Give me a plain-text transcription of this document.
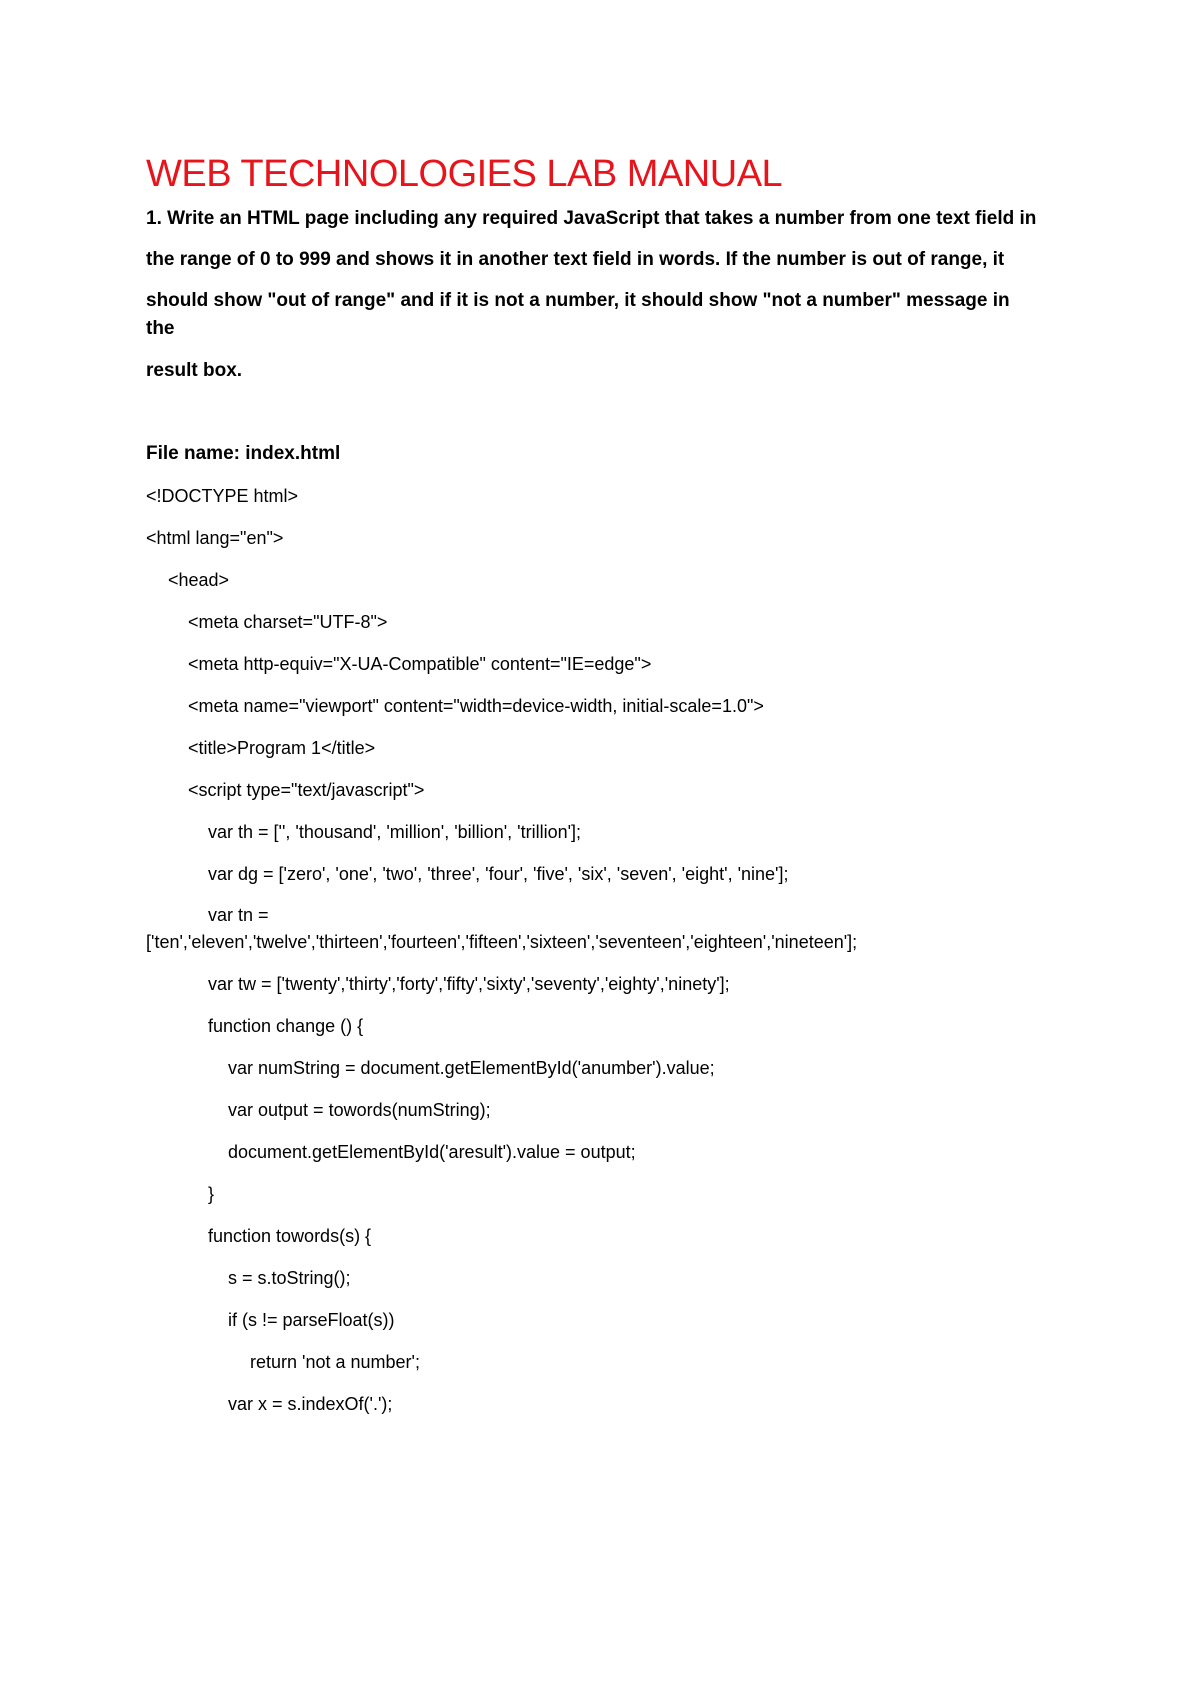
WEB TECHNOLOGIES LAB MANUAL

1. Write an HTML page including any required JavaScript that takes a number from one text field in

the range of 0 to 999 and shows it in another text field in words. If the number is out of range, it

should show "out of range" and if it is not a number, it should show "not a number" message in

the

result box.

File name: index.html

<!DOCTYPE html>

<html lang="en">

<head>

<meta charset="UTF-8">

<meta http-equiv="X-UA-Compatible" content="IE=edge">

<meta name="viewport" content="width=device-width, initial-scale=1.0">

<title>Program 1</title>

<script type="text/javascript">

var th = ['', 'thousand', 'million', 'billion', 'trillion'];

var dg = ['zero', 'one', 'two', 'three', 'four', 'five', 'six', 'seven', 'eight', 'nine'];

var tn =

['ten','eleven','twelve','thirteen','fourteen','fifteen','sixteen','seventeen','eighteen','nineteen'];

var tw = ['twenty','thirty','forty','fifty','sixty','seventy','eighty','ninety'];

function change () {

var numString = document.getElementById('anumber').value;

var output = towords(numString);

document.getElementById('aresult').value = output;

}

function towords(s) {

s = s.toString();

if (s != parseFloat(s))

return 'not a number';

var x = s.indexOf('.');
